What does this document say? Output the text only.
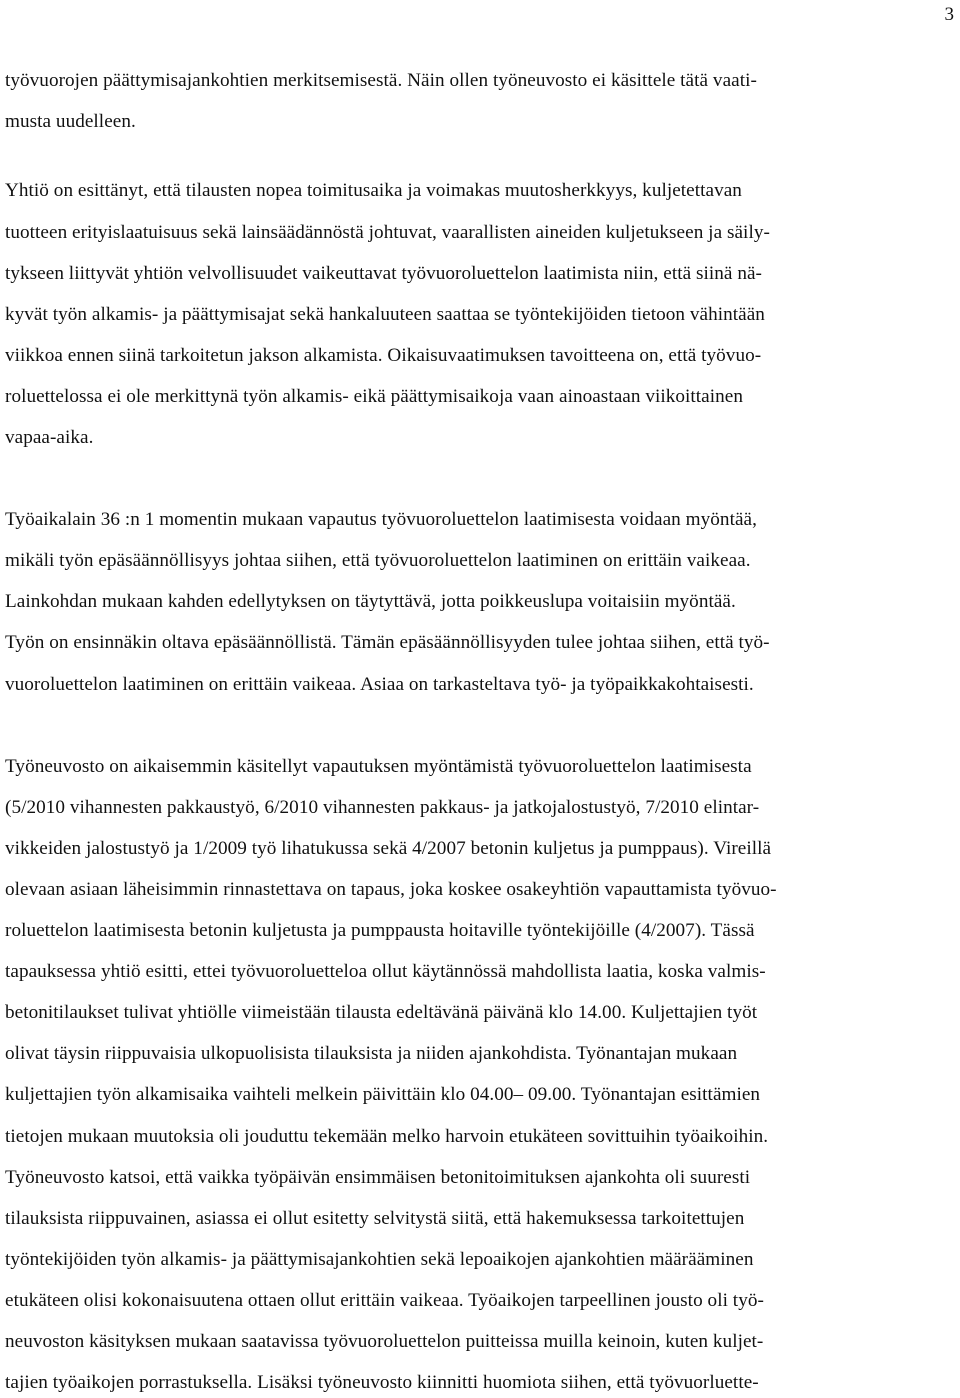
3
työvuorojen päättymisajankohtien merkitsemisestä. Näin ollen työneuvosto ei käsittele tätä vaati-
musta uudelleen.
Yhtiö on esittänyt, että tilausten nopea toimitusaika ja voimakas muutosherkkyys, kuljetettavan
tuotteen erityislaatuisuus sekä lainsäädännöstä johtuvat, vaarallisten aineiden kuljetukseen ja säily-
tykseen liittyvät yhtiön velvollisuudet vaikeuttavat työvuoroluettelon laatimista niin, että siinä nä-
kyvät työn alkamis- ja päättymisajat sekä hankaluuteen saattaa se työntekijöiden tietoon vähintään
viikkoa ennen siinä tarkoitetun jakson alkamista. Oikaisuvaatimuksen tavoitteena on, että työvuo-
roluettelossa ei ole merkittynä työn alkamis- eikä päättymisaikoja vaan ainoastaan viikoittainen
vapaa-aika.
Työaikalain 36 :n 1 momentin mukaan vapautus työvuoroluettelon laatimisesta voidaan myöntää,
mikäli työn epäsäännöllisyys johtaa siihen, että työvuoroluettelon laatiminen on erittäin vaikeaa.
Lainkohdan mukaan kahden edellytyksen on täytyttävä, jotta poikkeuslupa voitaisiin myöntää.
Työn on ensinnäkin oltava epäsäännöllistä. Tämän epäsäännöllisyyden tulee johtaa siihen, että työ-
vuoroluettelon laatiminen on erittäin vaikeaa. Asiaa on tarkasteltava työ- ja työpaikkakohtaisesti.
Työneuvosto on aikaisemmin käsitellyt vapautuksen myöntämistä työvuoroluettelon laatimisesta
(5/2010 vihannesten pakkaustyö, 6/2010 vihannesten pakkaus- ja jatkojalostustyö, 7/2010 elintar-
vikkeiden jalostustyö ja 1/2009 työ lihatukussa sekä 4/2007 betonin kuljetus ja pumppaus). Vireillä
olevaan asiaan läheisimmin rinnastettava on tapaus, joka koskee osakeyhtiön vapauttamista työvuo-
roluettelon laatimisesta betonin kuljetusta ja pumppausta hoitaville työntekijöille (4/2007). Tässä
tapauksessa yhtiö esitti, ettei työvuoroluetteloa ollut käytännössä mahdollista laatia, koska valmis-
betonitilaukset tulivat yhtiölle viimeistään tilausta edeltävänä päivänä klo 14.00. Kuljettajien työt
olivat täysin riippuvaisia ulkopuolisista tilauksista ja niiden ajankohdista. Työnantajan mukaan
kuljettajien työn alkamisaika vaihteli melkein päivittäin klo 04.00– 09.00. Työnantajan esittämien
tietojen mukaan muutoksia oli jouduttu tekemään melko harvoin etukäteen sovittuihin työaikoihin.
Työneuvosto katsoi, että vaikka työpäivän ensimmäisen betonitoimituksen ajankohta oli suuresti
tilauksista riippuvainen, asiassa ei ollut esitetty selvitystä siitä, että hakemuksessa tarkoitettujen
työntekijöiden työn alkamis- ja päättymisajankohtien sekä lepoaikojen ajankohtien määrääminen
etukäteen olisi kokonaisuutena ottaen ollut erittäin vaikeaa. Työaikojen tarpeellinen jousto oli työ-
neuvoston käsityksen mukaan saatavissa työvuoroluettelon puitteissa muilla keinoin, kuten kuljet-
tajien työaikojen porrastuksella. Lisäksi työneuvosto kiinnitti huomiota siihen, että työvuorluette-
